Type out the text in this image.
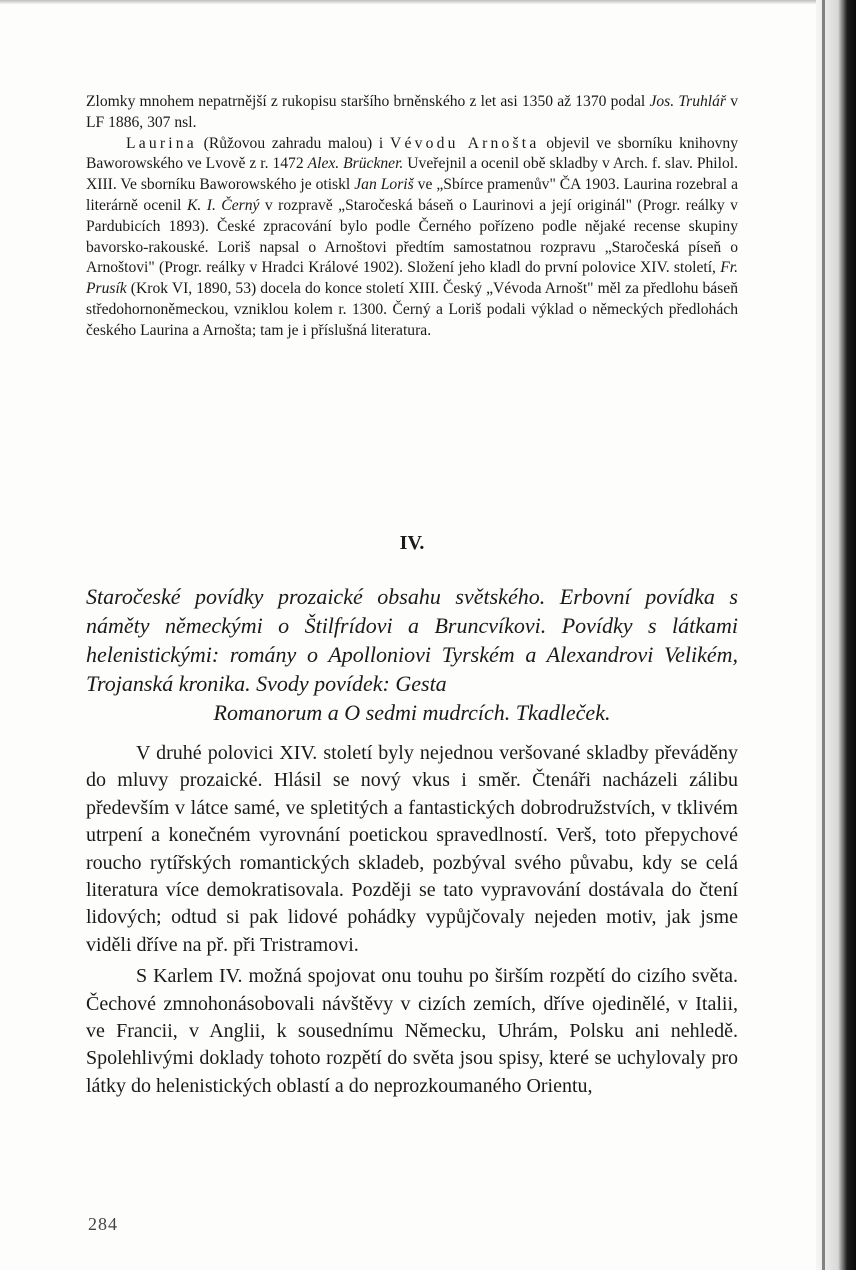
Zlomky mnohem nepatrnější z rukopisu staršího brněnského z let asi 1350 až 1370 podal Jos. Truhlář v LF 1886, 307 nsl.

Laurina (Růžovou zahradu malou) i Vévodu Arnošta objevil ve sborníku knihovny Baworowského ve Lvově z r. 1472 Alex. Brückner. Uveřejnil a ocenil obě skladby v Arch. f. slav. Philol. XIII. Ve sborníku Baworowského je otiskl Jan Loriš ve „Sbírce pramenův" ČA 1903. Laurina rozebral a literárně ocenil K. I. Černý v rozpravě „Staročeská báseň o Laurinovi a její originál" (Progr. reálky v Pardubicích 1893). České zpracování bylo podle Černého pořízeno podle nějaké recense skupiny bavorsko-rakouské. Loriš napsal o Arnoštovi předtím samostatnou rozpravu „Staročeská píseň o Arnoštovi" (Progr. reálky v Hradci Králové 1902). Složení jeho kladl do první polovice XIV. století, Fr. Prusík (Krok VI, 1890, 53) docela do konce století XIII. Český „Vévoda Arnošt" měl za předlohu báseň středohornoněmeckou, vzniklou kolem r. 1300. Černý a Loriš podali výklad o německých předlohách českého Laurina a Arnošta; tam je i příslušná literatura.

IV.

Staročeské povídky prozaické obsahu světského. Erbovní povídka s náměty německými o Štilfrídovi a Bruncvíkovi. Povídky s látkami helenistickými: romány o Apolloniovi Tyrském a Alexandrovi Velikém, Trojanská kronika. Svody povídek: Gesta
Romanorum a O sedmi mudrcích. Tkadleček.

V druhé polovici XIV. století byly nejednou veršované skladby převáděny do mluvy prozaické. Hlásil se nový vkus i směr. Čtenáři nacházeli zálibu především v látce samé, ve spletitých a fantastických dobrodružstvích, v tklivém utrpení a konečném vyrovnání poetickou spravedlností. Verš, toto přepychové roucho rytířských romantických skladeb, pozbýval svého půvabu, kdy se celá literatura více demokratisovala. Později se tato vypravování dostávala do čtení lidových; odtud si pak lidové pohádky vypůjčovaly nejeden motiv, jak jsme viděli dříve na př. při Tristramovi.

S Karlem IV. možná spojovat onu touhu po širším rozpětí do cizího světa. Čechové zmnohonásobovali návštěvy v cizích zemích, dříve ojedinělé, v Italii, ve Francii, v Anglii, k sousednímu Německu, Uhrám, Polsku ani nehledě. Spolehlivými doklady tohoto rozpětí do světa jsou spisy, které se uchylovaly pro látky do helenistických oblastí a do neprozkoumaného Orientu,

284
